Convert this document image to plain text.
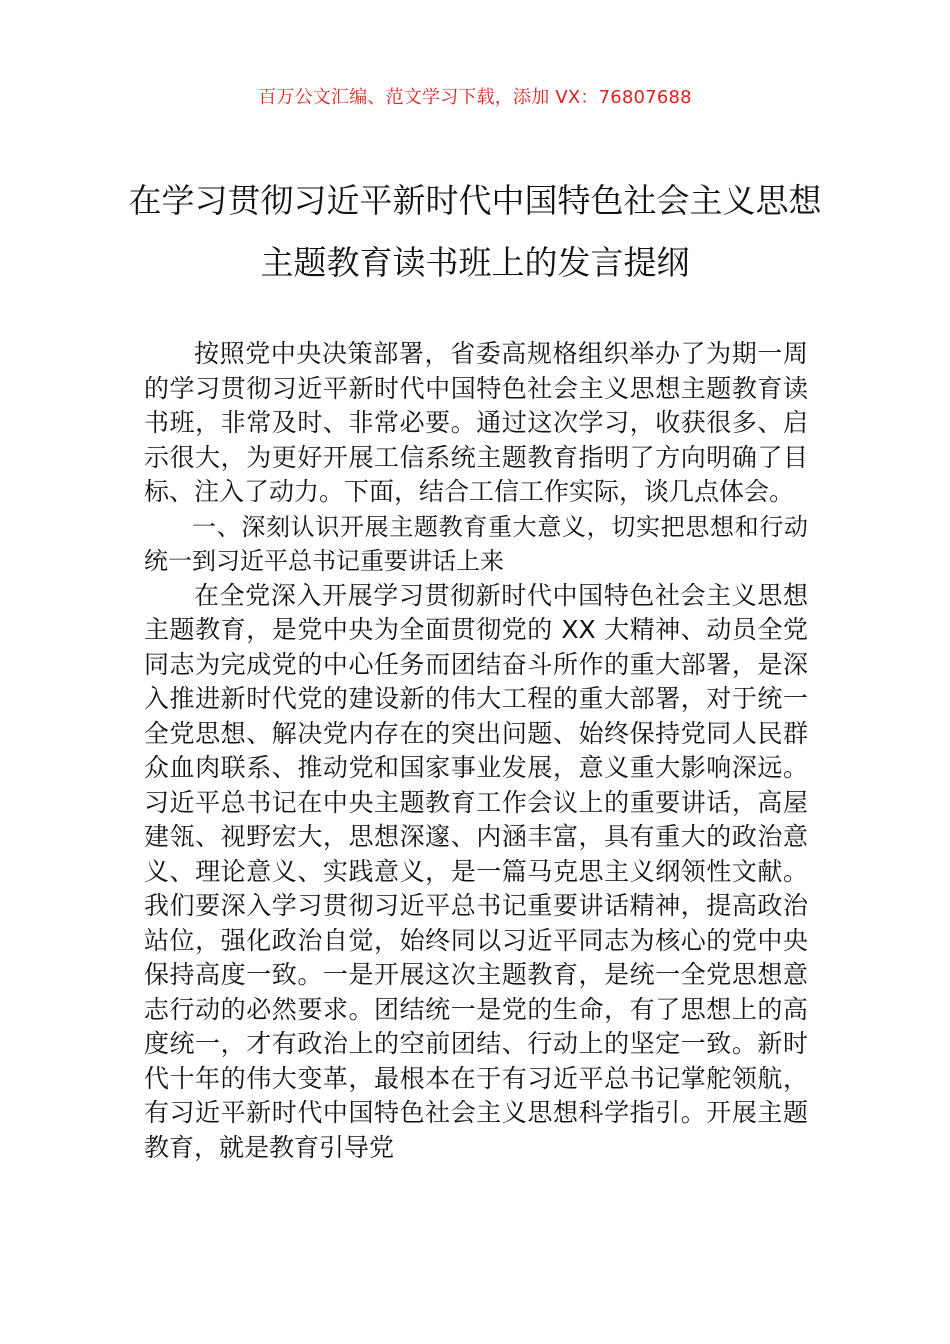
百万公文汇编、范文学习下载，添加 VX：76807688
在学习贯彻习近平新时代中国特色社会主义思想主题教育读书班上的发言提纲

按照党中央决策部署，省委高规格组织举办了为期一周的学习贯彻习近平新时代中国特色社会主义思想主题教育读书班，非常及时、非常必要。通过这次学习，收获很多、启示很大，为更好开展工信系统主题教育指明了方向明确了目标、注入了动力。下面，结合工信工作实际，谈几点体会。

一、深刻认识开展主题教育重大意义，切实把思想和行动统一到习近平总书记重要讲话上来

在全党深入开展学习贯彻新时代中国特色社会主义思想主题教育，是党中央为全面贯彻党的 XX 大精神、动员全党同志为完成党的中心任务而团结奋斗所作的重大部署，是深入推进新时代党的建设新的伟大工程的重大部署，对于统一全党思想、解决党内存在的突出问题、始终保持党同人民群众血肉联系、推动党和国家事业发展，意义重大影响深远。习近平总书记在中央主题教育工作会议上的重要讲话，高屋建瓴、视野宏大，思想深邃、内涵丰富，具有重大的政治意义、理论意义、实践意义，是一篇马克思主义纲领性文献。我们要深入学习贯彻习近平总书记重要讲话精神，提高政治站位，强化政治自觉，始终同以习近平同志为核心的党中央保持高度一致。一是开展这次主题教育，是统一全党思想意志行动的必然要求。团结统一是党的生命，有了思想上的高度统一，才有政治上的空前团结、行动上的坚定一致。新时代十年的伟大变革，最根本在于有习近平总书记掌舵领航，有习近平新时代中国特色社会主义思想科学指引。开展主题教育，就是教育引导党
